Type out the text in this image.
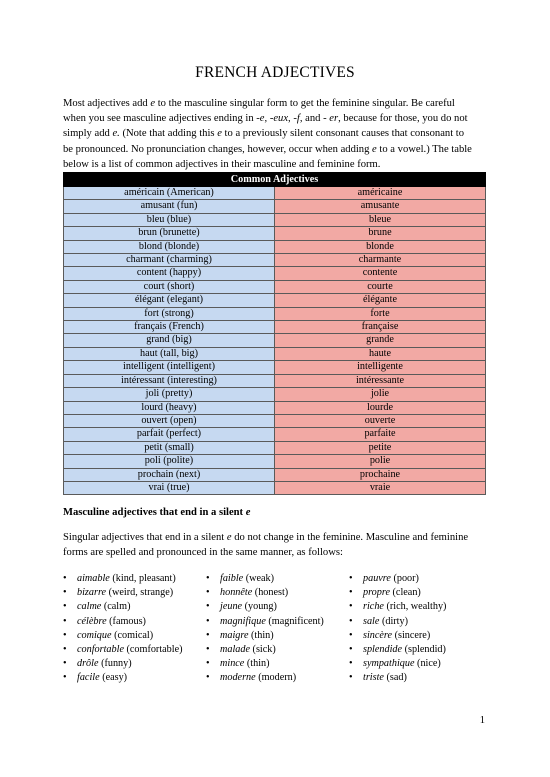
FRENCH ADJECTIVES

Most adjectives add e to the masculine singular form to get the feminine singular. Be careful

when you see masculine adjectives ending in -e, -eux, -f, and - er, because for those, you do not

simply add e. (Note that adding this e to a previously silent consonant causes that consonant to

be pronounced. No pronunciation changes, however, occur when adding e to a vowel.) The table

below is a list of common adjectives in their masculine and feminine form.

Common Adjectives	
américain (American)	américaine
amusant (fun)	amusante
bleu (blue)	bleue
brun (brunette)	brune
blond (blonde)	blonde
charmant (charming)	charmante
content (happy)	contente
court (short)	courte
élégant (elegant)	élégante
fort (strong)	forte
français (French)	française
grand (big)	grande
haut (tall, big)	haute
intelligent (intelligent)	intelligente
intéressant (interesting)	intéressante
joli (pretty)	jolie
lourd (heavy)	lourde
ouvert (open)	ouverte
parfait (perfect)	parfaite
petit (small)	petite
poli (polite)	polie
prochain (next)	prochaine
vrai (true)	vraie
Masculine adjectives that end in a silent e

Singular adjectives that end in a silent e do not change in the feminine. Masculine and feminine

forms are spelled and pronounced in the same manner, as follows:

• aimable (kind, pleasant)
• bizarre (weird, strange)
• calme (calm)
• célèbre (famous)
• comique (comical)
• confortable (comfortable)
• drôle (funny)
• facile (easy)
• faible (weak)
• honnête (honest)
• jeune (young)
• magnifique (magnificent)
• maigre (thin)
• malade (sick)
• mince (thin)
• moderne (modern)
• pauvre (poor)
• propre (clean)
• riche (rich, wealthy)
• sale (dirty)
• sincère (sincere)
• splendide (splendid)
• sympathique (nice)
• triste (sad)
1
